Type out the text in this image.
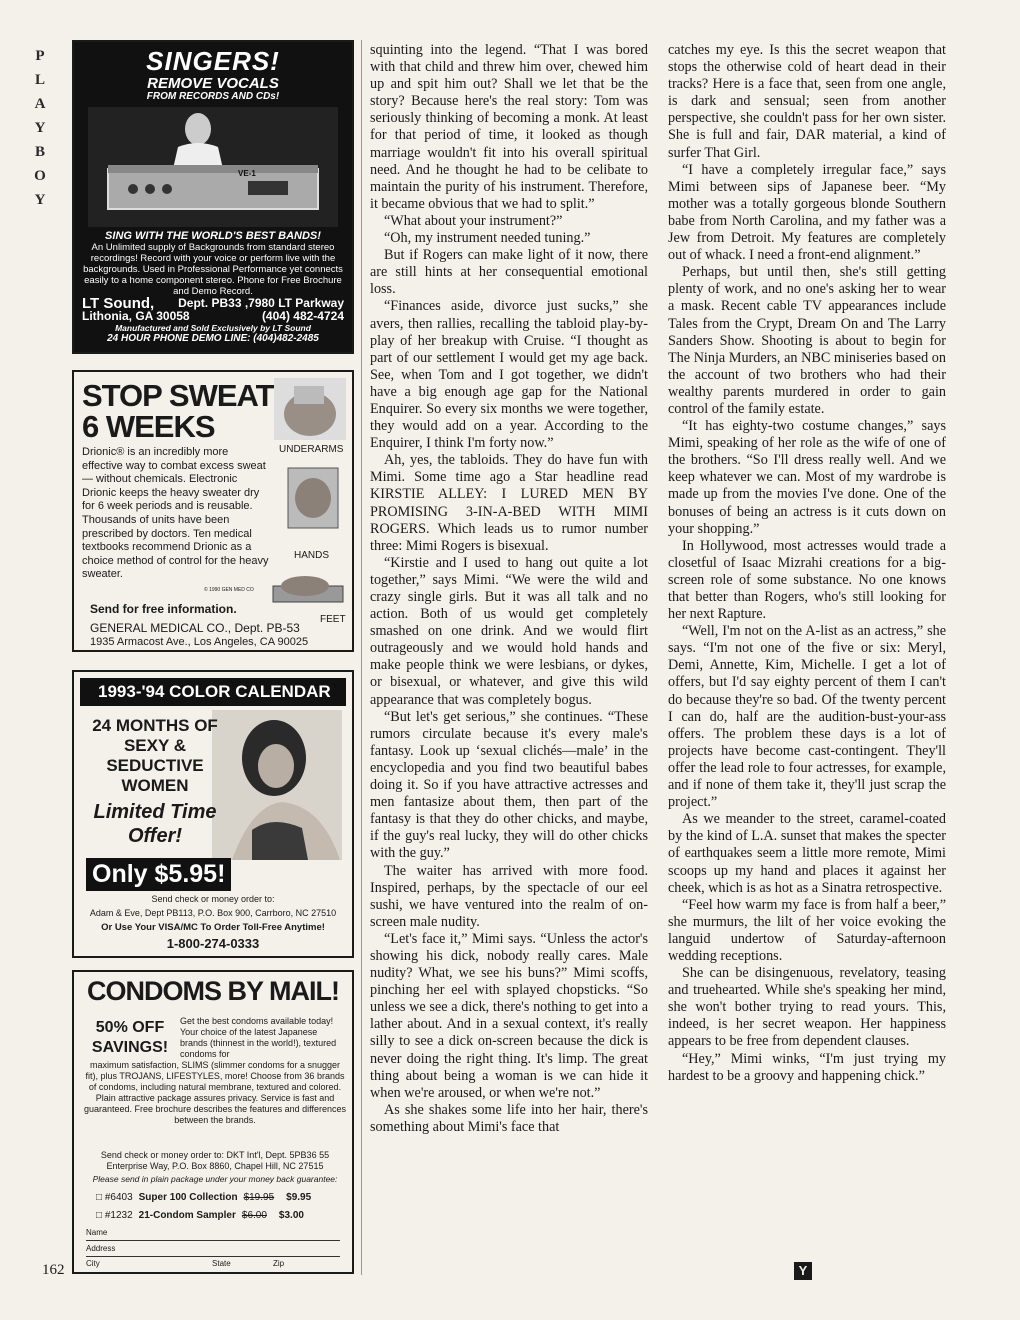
P
L
A
Y
B
O
Y
162
SINGERS!
REMOVE VOCALS
FROM RECORDS AND CDs!
VE-1
SING WITH THE WORLD'S BEST BANDS!
An Unlimited supply of Backgrounds from standard stereo recordings! Record with your voice or perform live with the backgrounds. Used in Professional Performance yet connects easily to a home component stereo. Phone for Free Brochure and Demo Record.
LT Sound, Dept. PB33 ,7980 LT Parkway
Lithonia, GA 30058	(404) 482-4724
Manufactured and Sold Exclusively by LT Sound
24 HOUR PHONE DEMO LINE: (404)482-2485
STOP SWEAT
6 WEEKS
UNDERARMS
HANDS
FEET
Drionic® is an incredibly more effective way to combat excess sweat — without chemicals. Electronic Drionic keeps the heavy sweater dry for 6 week periods and is reusable. Thousands of units have been prescribed by doctors. Ten medical textbooks recommend Drionic as a choice method of control for the heavy sweater.
© 1990 GEN MED CO
Send for free information.
GENERAL MEDICAL CO., Dept. PB-53
1935 Armacost Ave., Los Angeles, CA 90025
1993-'94 COLOR CALENDAR
24 MONTHS OF SEXY & SEDUCTIVE WOMEN
Limited Time Offer!
Only $5.95!
Send check or money order to:
Adam & Eve, Dept PB113, P.O. Box 900, Carrboro, NC 27510
Or Use Your VISA/MC To Order Toll-Free Anytime!
1-800-274-0333
CONDOMS BY MAIL!
50% OFF SAVINGS!
Get the best condoms available today! Your choice of the latest Japanese brands (thinnest in the world!), textured condoms for
maximum satisfaction, SLIMS (slimmer condoms for a snugger fit), plus TROJANS, LIFESTYLES, more! Choose from 36 brands of condoms, including natural membrane, textured and colored. Plain attractive package assures privacy. Service is fast and guaranteed. Free brochure describes the features and differences between the brands.
Send check or money order to: DKT Int'l, Dept. 5PB36 55 Enterprise Way, P.O. Box 8860, Chapel Hill, NC 27515
Please send in plain package under your money back guarantee:
□ #6403 Super 100 Collection $19.95 $9.95
□ #1232 21-Condom Sampler $6.00 $3.00
Name
Address
City	State	Zip

squinting into the legend. “That I was bored with that child and threw him over, chewed him up and spit him out? Shall we let that be the story? Because here's the real story: Tom was seriously thinking of becoming a monk. At least for that period of time, it looked as though marriage wouldn't fit into his overall spiritual need. And he thought he had to be celibate to maintain the purity of his instrument. Therefore, it became obvious that we had to split.”

“What about your instrument?”

“Oh, my instrument needed tuning.”

But if Rogers can make light of it now, there are still hints at her consequential emotional loss.

“Finances aside, divorce just sucks,” she avers, then rallies, recalling the tabloid play-by-play of her breakup with Cruise. “I thought as part of our settlement I would get my age back. See, when Tom and I got together, we didn't have a big enough age gap for the National Enquirer. So every six months we were together, they would add on a year. According to the Enquirer, I think I'm forty now.”

Ah, yes, the tabloids. They do have fun with Mimi. Some time ago a Star headline read KIRSTIE ALLEY: I LURED MEN BY PROMISING 3-IN-A-BED WITH MIMI ROGERS. Which leads us to rumor number three: Mimi Rogers is bisexual.

“Kirstie and I used to hang out quite a lot together,” says Mimi. “We were the wild and crazy single girls. But it was all talk and no action. Both of us would get completely smashed on one drink. And we would flirt outrageously and we would hold hands and make people think we were lesbians, or dykes, or bisexual, or whatever, and give this wild appearance that was completely bogus.

“But let's get serious,” she continues. “These rumors circulate because it's every male's fantasy. Look up ‘sexual clichés—male’ in the encyclopedia and you find two beautiful babes doing it. So if you have attractive actresses and men fantasize about them, then part of the fantasy is that they do other chicks, and maybe, if the guy's real lucky, they will do other chicks with the guy.”

The waiter has arrived with more food. Inspired, perhaps, by the spectacle of our eel sushi, we have ventured into the realm of on-screen male nudity.

“Let's face it,” Mimi says. “Unless the actor's showing his dick, nobody really cares. Male nudity? What, we see his buns?” Mimi scoffs, pinching her eel with splayed chopsticks. “So unless we see a dick, there's nothing to get into a lather about. And in a sexual context, it's really silly to see a dick on-screen because the dick is never doing the right thing. It's limp. The great thing about being a woman is we can hide it when we're aroused, or when we're not.”

As she shakes some life into her hair, there's something about Mimi's face that

catches my eye. Is this the secret weapon that stops the otherwise cold of heart dead in their tracks? Here is a face that, seen from one angle, is dark and sensual; seen from another perspective, she couldn't pass for her own sister. She is full and fair, DAR material, a kind of surfer That Girl.

“I have a completely irregular face,” says Mimi between sips of Japanese beer. “My mother was a totally gorgeous blonde Southern babe from North Carolina, and my father was a Jew from Detroit. My features are completely out of whack. I need a front-end alignment.”

Perhaps, but until then, she's still getting plenty of work, and no one's asking her to wear a mask. Recent cable TV appearances include Tales from the Crypt, Dream On and The Larry Sanders Show. Shooting is about to begin for The Ninja Murders, an NBC miniseries based on the account of two brothers who had their wealthy parents murdered in order to gain control of the family estate.

“It has eighty-two costume changes,” says Mimi, speaking of her role as the wife of one of the brothers. “So I'll dress really well. And we keep whatever we can. Most of my wardrobe is made up from the movies I've done. One of the bonuses of being an actress is it cuts down on your shopping.”

In Hollywood, most actresses would trade a closetful of Isaac Mizrahi creations for a big-screen role of some substance. No one knows that better than Rogers, who's still looking for her next Rapture.

“Well, I'm not on the A-list as an actress,” she says. “I'm not one of the five or six: Meryl, Demi, Annette, Kim, Michelle. I get a lot of offers, but I'd say eighty percent of them I can't do because they're so bad. Of the twenty percent I can do, half are the audition-bust-your-ass offers. The problem these days is a lot of projects have become cast-contingent. They'll offer the lead role to four actresses, for example, and if none of them take it, they'll just scrap the project.”

As we meander to the street, caramel-coated by the kind of L.A. sunset that makes the specter of earthquakes seem a little more remote, Mimi scoops up my hand and places it against her cheek, which is as hot as a Sinatra retrospective.

“Feel how warm my face is from half a beer,” she murmurs, the lilt of her voice evoking the languid undertow of Saturday-afternoon wedding receptions.

She can be disingenuous, revelatory, teasing and truehearted. While she's speaking her mind, she won't bother trying to read yours. This, indeed, is her secret weapon. Her happiness appears to be free from dependent clauses.

“Hey,” Mimi winks, “I'm just trying my hardest to be a groovy and happening chick.”

Y
